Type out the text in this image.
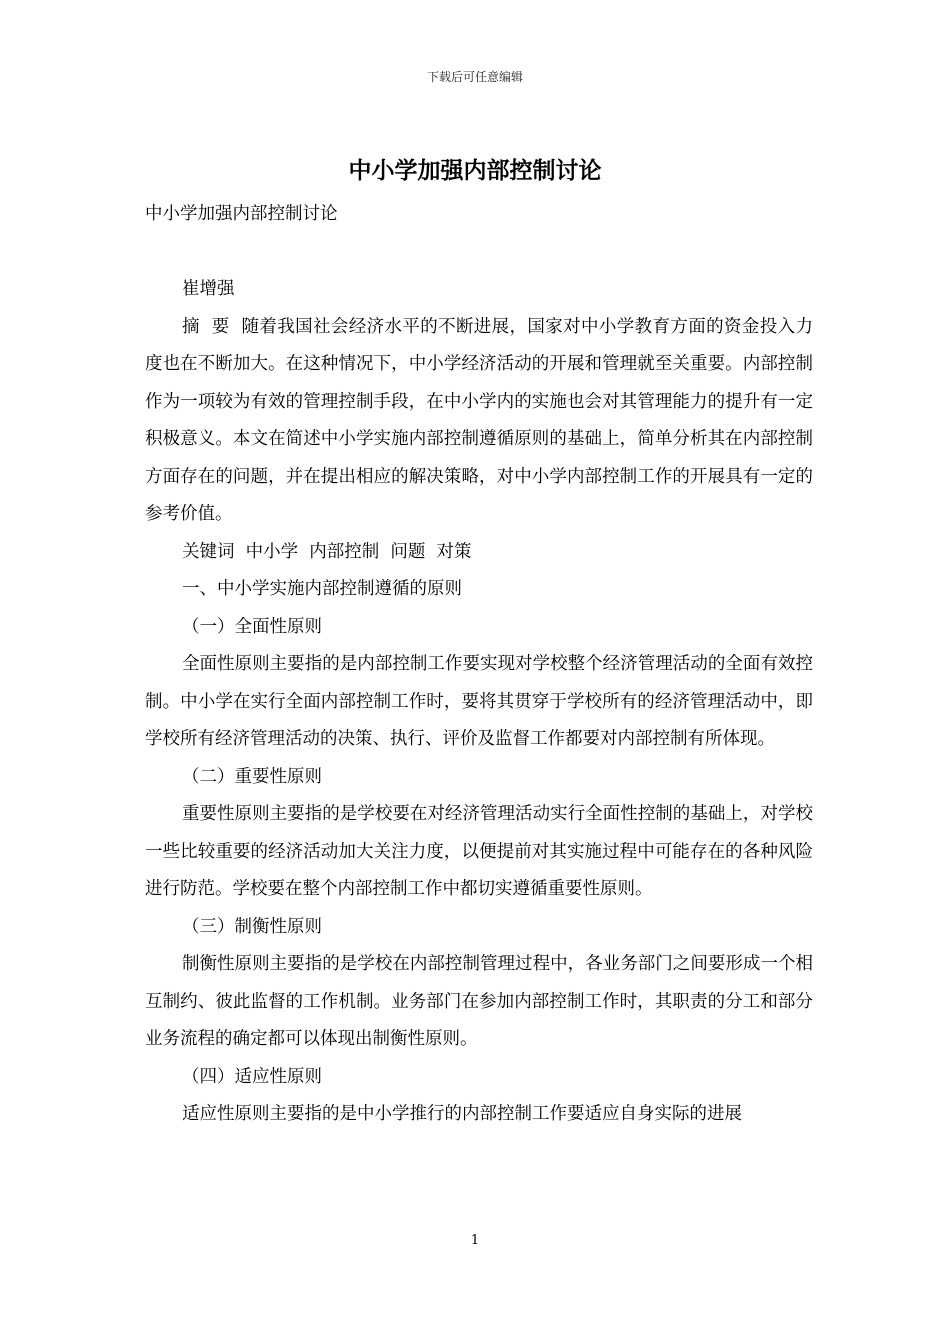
下载后可任意编辑
中小学加强内部控制讨论

中小学加强内部控制讨论

崔增强

摘  要  随着我国社会经济水平的不断进展，国家对中小学教育方面的资金投入力度也在不断加大。在这种情况下，中小学经济活动的开展和管理就至关重要。内部控制作为一项较为有效的管理控制手段，在中小学内的实施也会对其管理能力的提升有一定积极意义。本文在简述中小学实施内部控制遵循原则的基础上，简单分析其在内部控制方面存在的问题，并在提出相应的解决策略，对中小学内部控制工作的开展具有一定的参考价值。

关键词  中小学  内部控制  问题  对策

一、中小学实施内部控制遵循的原则

（一）全面性原则

全面性原则主要指的是内部控制工作要实现对学校整个经济管理活动的全面有效控制。中小学在实行全面内部控制工作时，要将其贯穿于学校所有的经济管理活动中，即学校所有经济管理活动的决策、执行、评价及监督工作都要对内部控制有所体现。

（二）重要性原则

重要性原则主要指的是学校要在对经济管理活动实行全面性控制的基础上，对学校一些比较重要的经济活动加大关注力度，以便提前对其实施过程中可能存在的各种风险进行防范。学校要在整个内部控制工作中都切实遵循重要性原则。

（三）制衡性原则

制衡性原则主要指的是学校在内部控制管理过程中，各业务部门之间要形成一个相互制约、彼此监督的工作机制。业务部门在参加内部控制工作时，其职责的分工和部分业务流程的确定都可以体现出制衡性原则。

（四）适应性原则

适应性原则主要指的是中小学推行的内部控制工作要适应自身实际的进展

1
